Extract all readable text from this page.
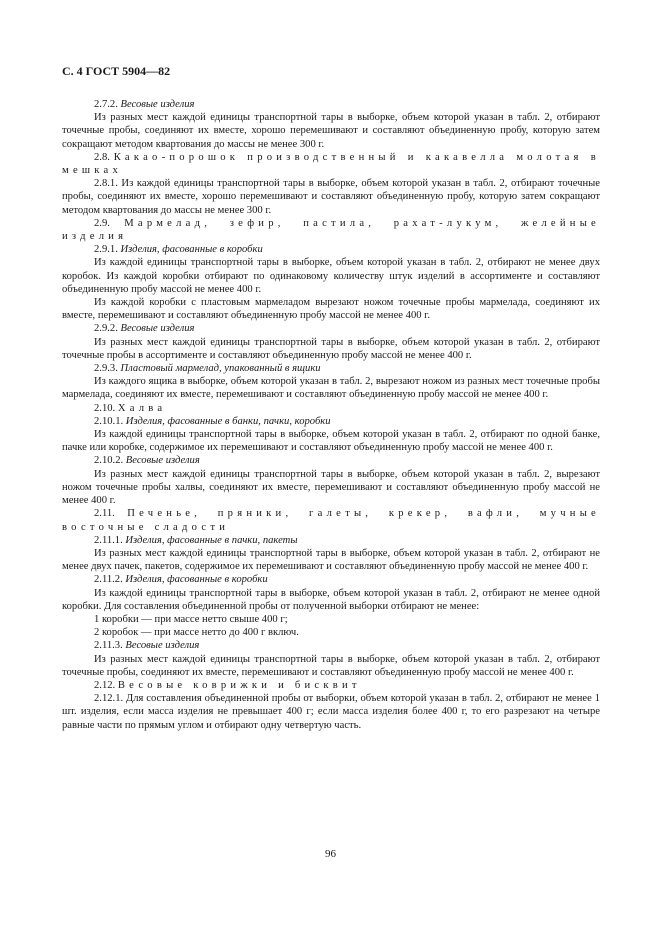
С. 4 ГОСТ 5904—82

2.7.2. Весовые изделия

Из разных мест каждой единицы транспортной тары в выборке, объем которой указан в табл. 2, отбирают точечные пробы, соединяют их вместе, хорошо перемешивают и составляют объединенную пробу, которую затем сокращают методом квартования до массы не менее 300 г.

2.8. Какао-порошок производственный и какавелла молотая в мешках

2.8.1. Из каждой единицы транспортной тары в выборке, объем которой указан в табл. 2, отбирают точечные пробы, соединяют их вместе, хорошо перемешивают и составляют объединенную пробу, которую затем сокращают методом квартования до массы не менее 300 г.

2.9. Мармелад, зефир, пастила, рахат-лукум, желейные изделия

2.9.1. Изделия, фасованные в коробки

Из каждой единицы транспортной тары в выборке, объем которой указан в табл. 2, отбирают не менее двух коробок. Из каждой коробки отбирают по одинаковому количеству штук изделий в ассортименте и составляют объединенную пробу массой не менее 400 г.

Из каждой коробки с пластовым мармеладом вырезают ножом точечные пробы мармелада, соединяют их вместе, перемешивают и составляют объединенную пробу массой не менее 400 г.

2.9.2. Весовые изделия

Из разных мест каждой единицы транспортной тары в выборке, объем которой указан в табл. 2, отбирают точечные пробы в ассортименте и составляют объединенную пробу массой не менее 400 г.

2.9.3. Пластовый мармелад, упакованный в ящики

Из каждого ящика в выборке, объем которой указан в табл. 2, вырезают ножом из разных мест точечные пробы мармелада, соединяют их вместе, перемешивают и составляют объединенную пробу массой не менее 400 г.

2.10. Халва

2.10.1. Изделия, фасованные в банки, пачки, коробки

Из каждой единицы транспортной тары в выборке, объем которой указан в табл. 2, отбирают по одной банке, пачке или коробке, содержимое их перемешивают и составляют объединенную пробу массой не менее 400 г.

2.10.2. Весовые изделия

Из разных мест каждой единицы транспортной тары в выборке, объем которой указан в табл. 2, вырезают ножом точечные пробы халвы, соединяют их вместе, перемешивают и составляют объединенную пробу массой не менее 400 г.

2.11. Печенье, пряники, галеты, крекер, вафли, мучные восточные сладости

2.11.1. Изделия, фасованные в пачки, пакеты

Из разных мест каждой единицы транспортной тары в выборке, объем которой указан в табл. 2, отбирают не менее двух пачек, пакетов, содержимое их перемешивают и составляют объединенную пробу массой не менее 400 г.

2.11.2. Изделия, фасованные в коробки

Из каждой единицы транспортной тары в выборке, объем которой указан в табл. 2, отбирают не менее одной коробки. Для составления объединенной пробы от полученной выборки отбирают не менее:

1 коробки — при массе нетто свыше 400 г;

2 коробок — при массе нетто до 400 г включ.

2.11.3. Весовые изделия

Из разных мест каждой единицы транспортной тары в выборке, объем которой указан в табл. 2, отбирают точечные пробы, соединяют их вместе, перемешивают и составляют объединенную пробу массой не менее 400 г.

2.12. Весовые коврижки и бисквит

2.12.1. Для составления объединенной пробы от выборки, объем которой указан в табл. 2, отбирают не менее 1 шт. изделия, если масса изделия не превышает 400 г; если масса изделия более 400 г, то его разрезают на четыре равные части по прямым углом и отбирают одну четвертую часть.

96
